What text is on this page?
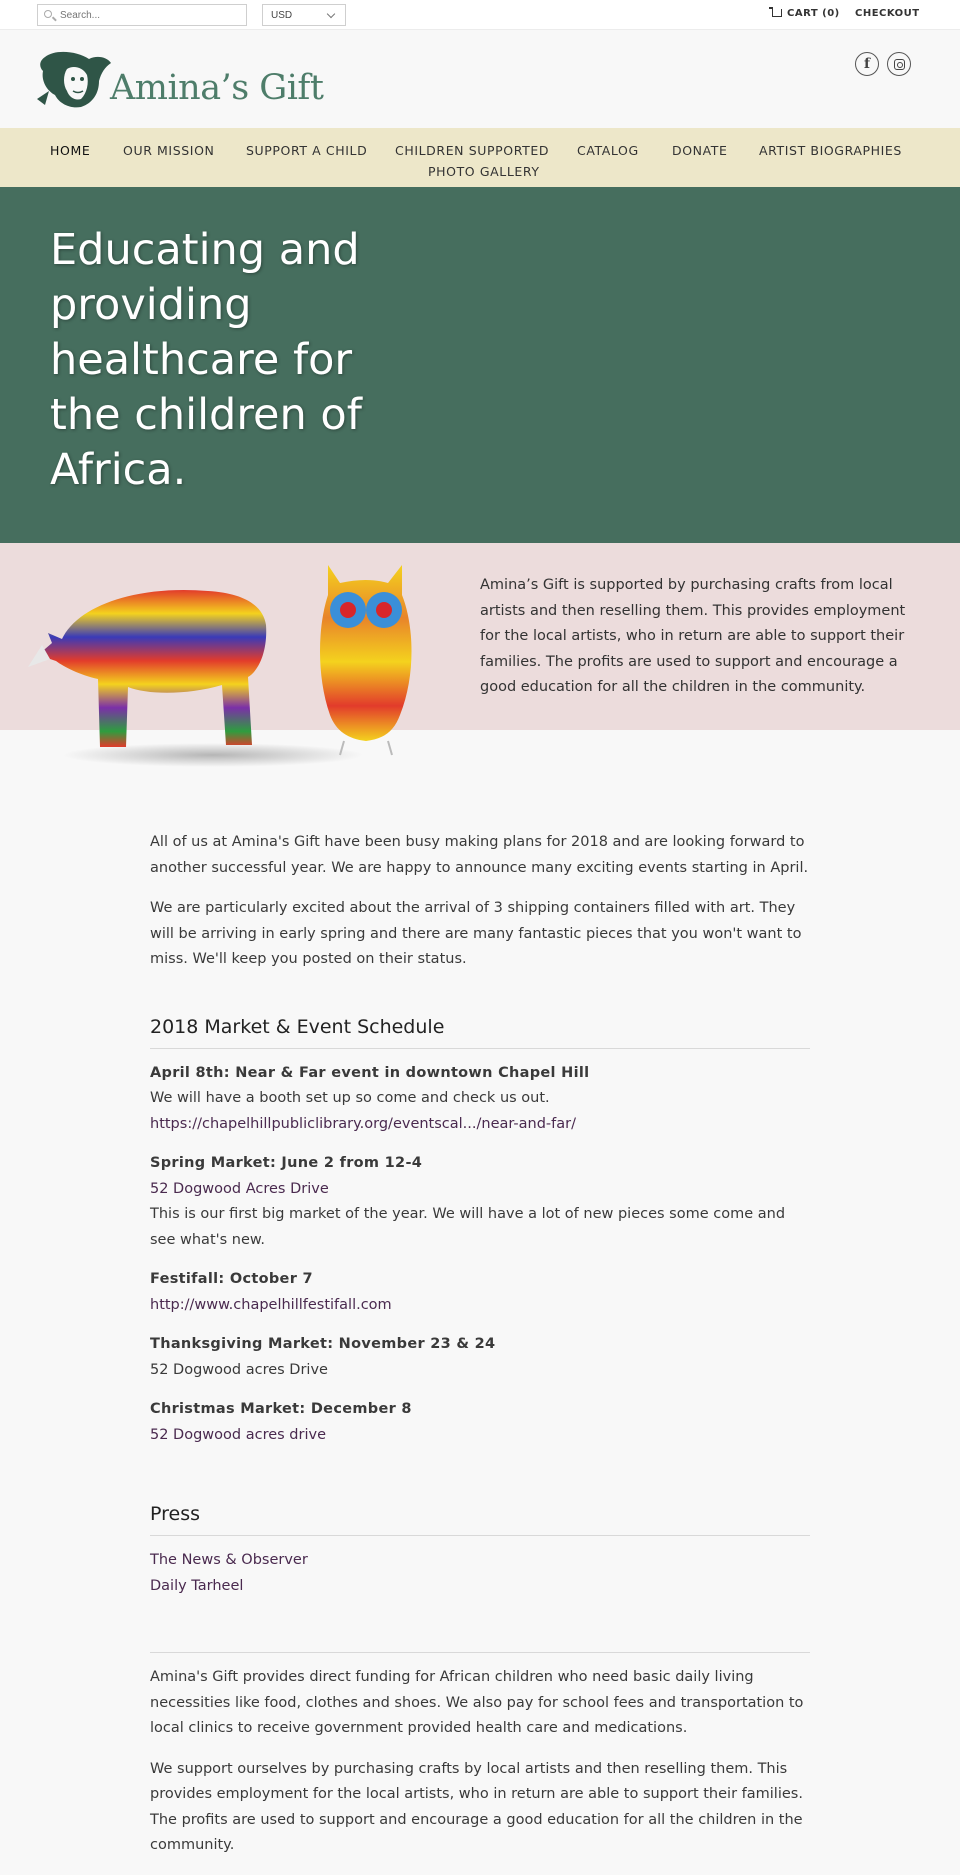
Search...
USD	CART (0) CHECKOUT
Amina’s Gift
f
HOME	OUR MISSION	SUPPORT A CHILD CHILDREN SUPPORTED CATALOG	DONATE	ARTIST BIOGRAPHIES
PHOTO GALLERY
Educating and providing healthcare for the children of Africa.

Amina’s Gift is supported by purchasing crafts from local artists and then reselling them. This provides employment for the local artists, who in return are able to support their families. The profits are used to support and encourage a good education for all the children in the community.

All of us at Amina's Gift have been busy making plans for 2018 and are looking forward to another successful year. We are happy to announce many exciting events starting in April.

We are particularly excited about the arrival of 3 shipping containers filled with art. They will be arriving in early spring and there are many fantastic pieces that you won't want to miss. We'll keep you posted on their status.

2018 Market & Event Schedule
April 8th: Near & Far event in downtown Chapel Hill
We will have a booth set up so come and check us out.
https://chapelhillpubliclibrary.org/eventscal.../near-and-far/
Spring Market: June 2 from 12-4
52 Dogwood Acres Drive
This is our first big market of the year. We will have a lot of new pieces some come and see what's new.
Festifall: October 7
http://www.chapelhillfestifall.com
Thanksgiving Market: November 23 & 24
52 Dogwood acres Drive
Christmas Market: December 8
52 Dogwood acres drive
Press
The News & Observer
Daily Tarheel

Amina's Gift provides direct funding for African children who need basic daily living necessities like food, clothes and shoes. We also pay for school fees and transportation to local clinics to receive government provided health care and medications.

We support ourselves by purchasing crafts by local artists and then reselling them. This provides employment for the local artists, who in return are able to support their families. The profits are used to support and encourage a good education for all the children in the community.
